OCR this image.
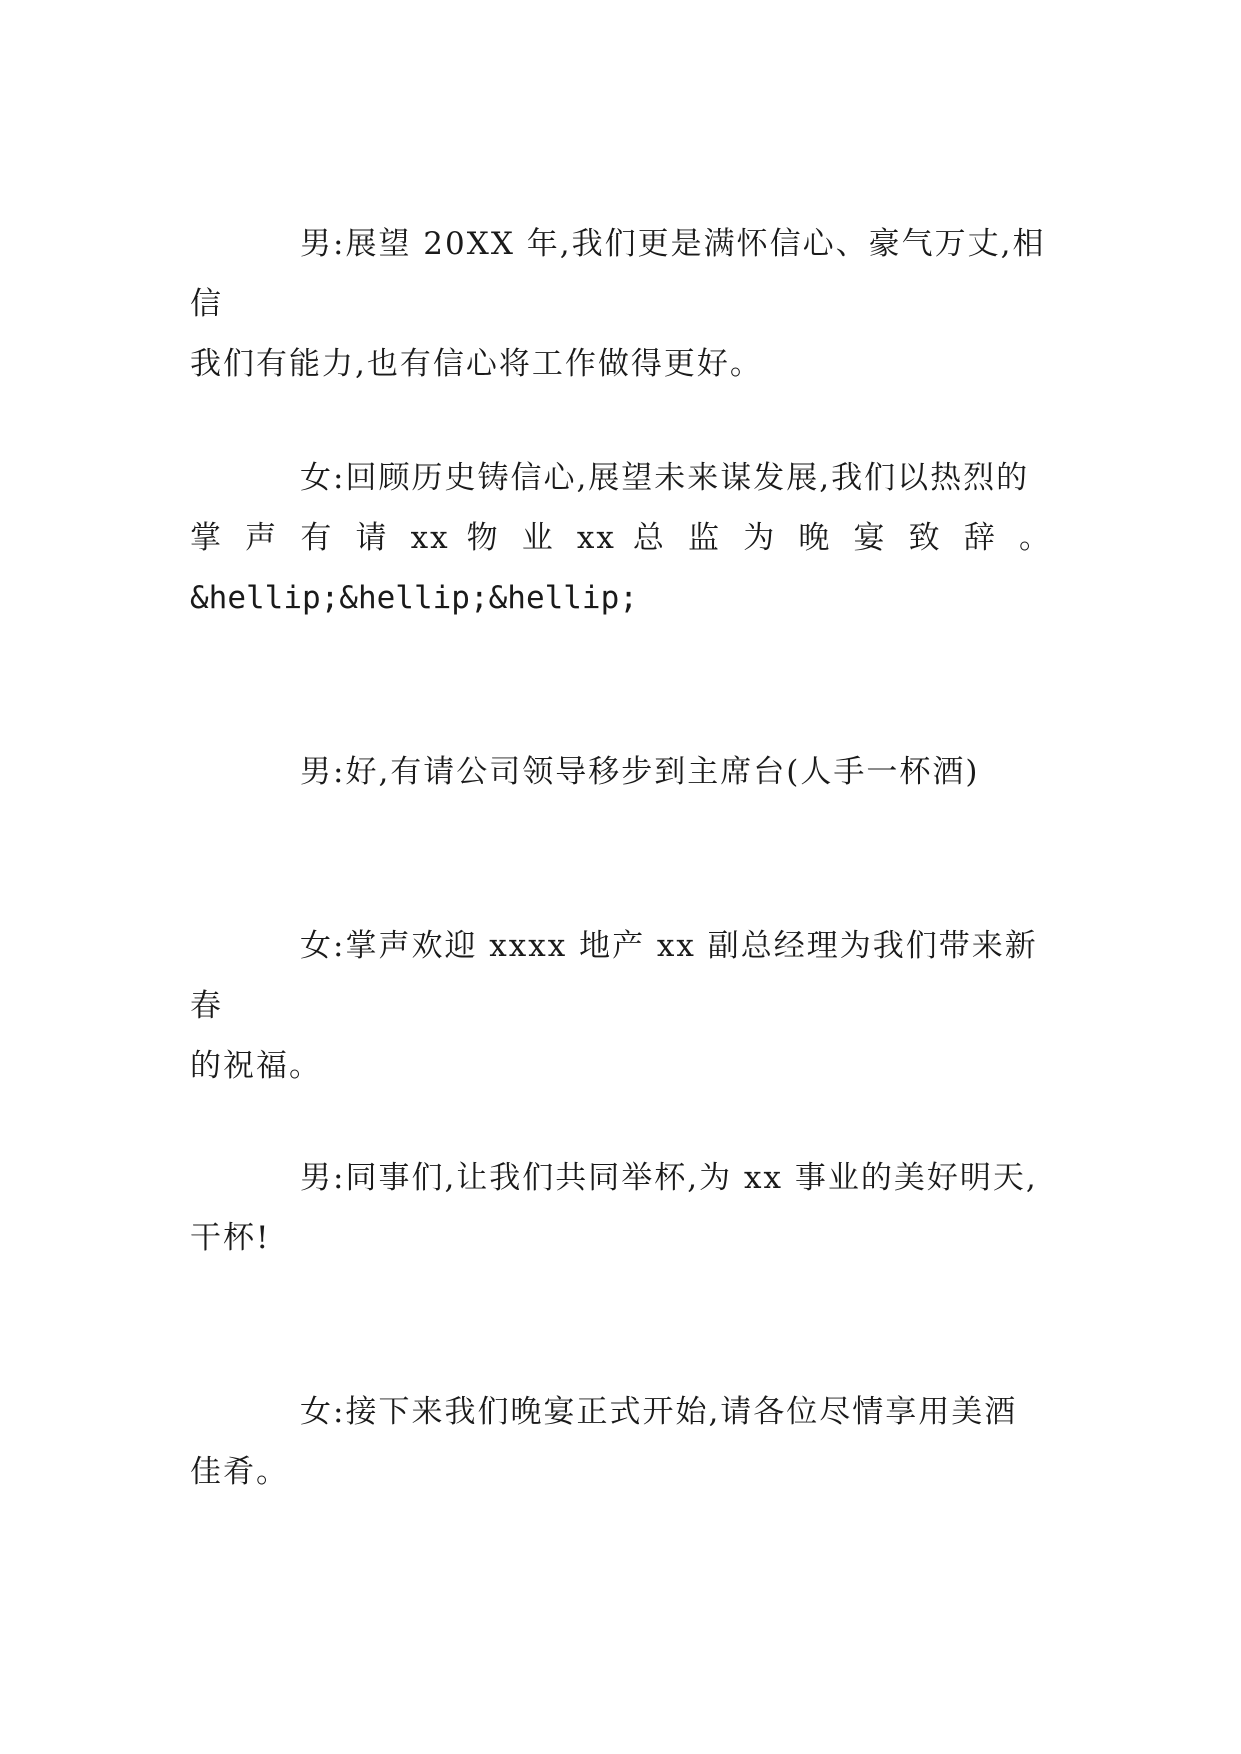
男:展望 20XX 年,我们更是满怀信心、豪气万丈,相信
我们有能力,也有信心将工作做得更好。
女:回顾历史铸信心,展望未来谋发展,我们以热烈的
掌 声 有 请 xx 物 业 xx 总 监 为 晚 宴 致 辞 。
&hellip;&hellip;&hellip;
男:好,有请公司领导移步到主席台(人手一杯酒)
女:掌声欢迎 xxxx 地产 xx 副总经理为我们带来新春
的祝福。
男:同事们,让我们共同举杯,为 xx 事业的美好明天,
干杯!
女:接下来我们晚宴正式开始,请各位尽情享用美酒
佳肴。
